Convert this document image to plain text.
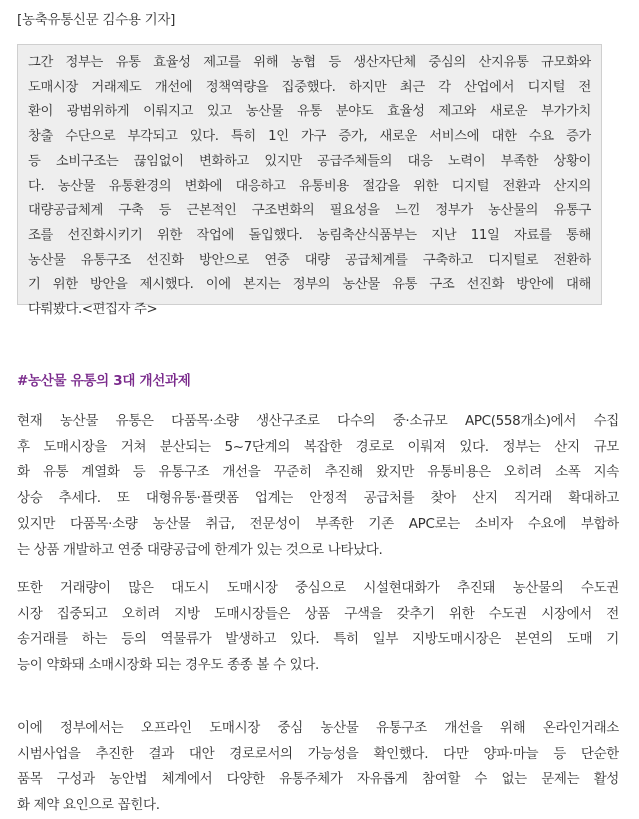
[농축유통신문 김수용 기자]
그간 정부는 유통 효율성 제고를 위해 농협 등 생산자단체 중심의 산지유통 규모화와
도매시장 거래제도 개선에 정책역량을 집중했다. 하지만 최근 각 산업에서 디지털 전
환이 광범위하게 이뤄지고 있고 농산물 유통 분야도 효율성 제고와 새로운 부가가치
창출 수단으로 부각되고 있다. 특히 1인 가구 증가, 새로운 서비스에 대한 수요 증가
등 소비구조는 끊임없이 변화하고 있지만 공급주체들의 대응 노력이 부족한 상황이
다. 농산물 유통환경의 변화에 대응하고 유통비용 절감을 위한 디지털 전환과 산지의
대량공급체계 구축 등 근본적인 구조변화의 필요성을 느낀 정부가 농산물의 유통구
조를 선진화시키기 위한 작업에 돌입했다. 농림축산식품부는 지난 11일 자료를 통해
농산물 유통구조 선진화 방안으로 연중 대량 공급체계를 구축하고 디지털로 전환하
기 위한 방안을 제시했다. 이에 본지는 정부의 농산물 유통 구조 선진화 방안에 대해
다뤄봤다.<편집자 주>
#농산물 유통의 3대 개선과제
현재 농산물 유통은 다품목·소량 생산구조로 다수의 중·소규모 APC(558개소)에서 수집
후 도매시장을 거쳐 분산되는 5~7단계의 복잡한 경로로 이뤄져 있다. 정부는 산지 규모
화 유통 계열화 등 유통구조 개선을 꾸준히 추진해 왔지만 유통비용은 오히려 소폭 지속
상승 추세다. 또 대형유통·플랫폼 업계는 안정적 공급처를 찾아 산지 직거래 확대하고
있지만 다품목·소량 농산물 취급, 전문성이 부족한 기존 APC로는 소비자 수요에 부합하
는 상품 개발하고 연중 대량공급에 한계가 있는 것으로 나타났다.
또한 거래량이 많은 대도시 도매시장 중심으로 시설현대화가 추진돼 농산물의 수도권
시장 집중되고 오히려 지방 도매시장들은 상품 구색을 갖추기 위한 수도권 시장에서 전
송거래를 하는 등의 역물류가 발생하고 있다. 특히 일부 지방도매시장은 본연의 도매 기
능이 약화돼 소매시장화 되는 경우도 종종 볼 수 있다.
이에 정부에서는 오프라인 도매시장 중심 농산물 유통구조 개선을 위해 온라인거래소
시범사업을 추진한 결과 대안 경로로서의 가능성을 확인했다. 다만 양파·마늘 등 단순한
품목 구성과 농안법 체계에서 다양한 유통주체가 자유롭게 참여할 수 없는 문제는 활성
화 제약 요인으로 꼽힌다.
